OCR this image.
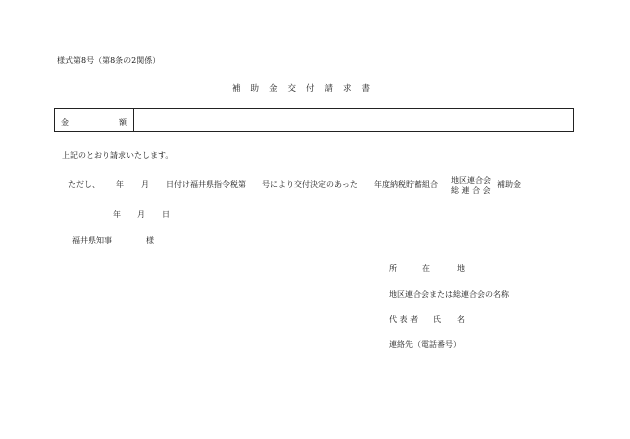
様式第8号（第8条の2関係）
補助金交付請求書
金	額
上記のとおり請求いたします。
ただし、 年 月 日付け福井県指令税第 号により交付決定のあった 年度納税貯蓄組合 地区連合会
総 連 合 会
補助金
年 月 日
福井県知事	様
所	在	地
地区連合会または総連合会の名称
代 表 者 氏 名
連絡先（電話番号）
